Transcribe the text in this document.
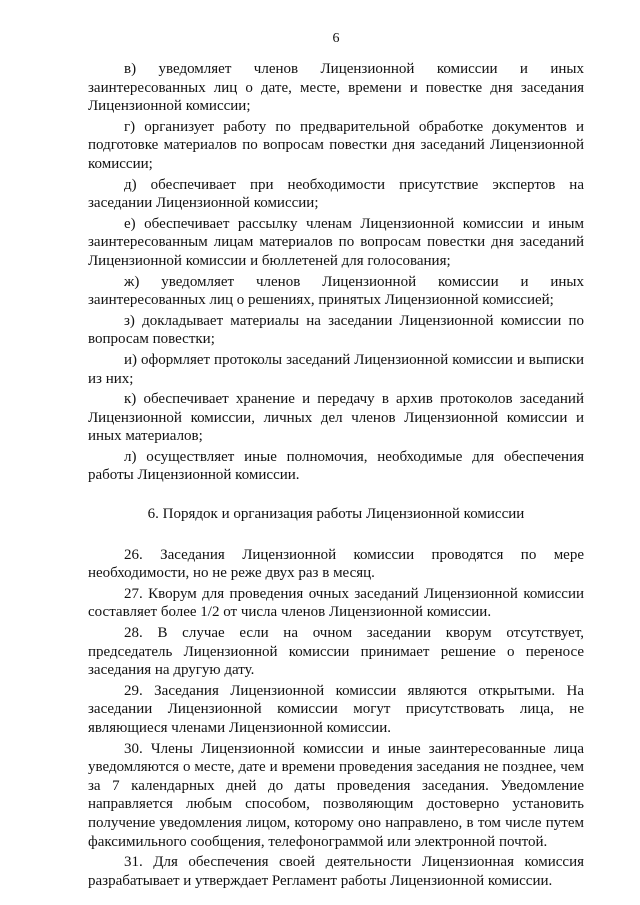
6

в) уведомляет членов Лицензионной комиссии и иных заинтересованных лиц о дате, месте, времени и повестке дня заседания Лицензионной комиссии;

г) организует работу по предварительной обработке документов и подготовке материалов по вопросам повестки дня заседаний Лицензионной комиссии;

д) обеспечивает при необходимости присутствие экспертов на заседании Лицензионной комиссии;

е) обеспечивает рассылку членам Лицензионной комиссии и иным заинтересованным лицам материалов по вопросам повестки дня заседаний Лицензионной комиссии и бюллетеней для голосования;

ж) уведомляет членов Лицензионной комиссии и иных заинтересованных лиц о решениях, принятых Лицензионной комиссией;

з) докладывает материалы на заседании Лицензионной комиссии по вопросам повестки;

и) оформляет протоколы заседаний Лицензионной комиссии и выписки из них;

к) обеспечивает хранение и передачу в архив протоколов заседаний Лицензионной комиссии, личных дел членов Лицензионной комиссии и иных материалов;

л) осуществляет иные полномочия, необходимые для обеспечения работы Лицензионной комиссии.

6. Порядок и организация работы Лицензионной комиссии

26. Заседания Лицензионной комиссии проводятся по мере необходимости, но не реже двух раз в месяц.

27. Кворум для проведения очных заседаний Лицензионной комиссии составляет более 1/2 от числа членов Лицензионной комиссии.

28. В случае если на очном заседании кворум отсутствует, председатель Лицензионной комиссии принимает решение о переносе заседания на другую дату.

29. Заседания Лицензионной комиссии являются открытыми. На заседании Лицензионной комиссии могут присутствовать лица, не являющиеся членами Лицензионной комиссии.

30. Члены Лицензионной комиссии и иные заинтересованные лица уведомляются о месте, дате и времени проведения заседания не позднее, чем за 7 календарных дней до даты проведения заседания. Уведомление направляется любым способом, позволяющим достоверно установить получение уведомления лицом, которому оно направлено, в том числе путем факсимильного сообщения, телефонограммой или электронной почтой.

31. Для обеспечения своей деятельности Лицензионная комиссия разрабатывает и утверждает Регламент работы Лицензионной комиссии.
